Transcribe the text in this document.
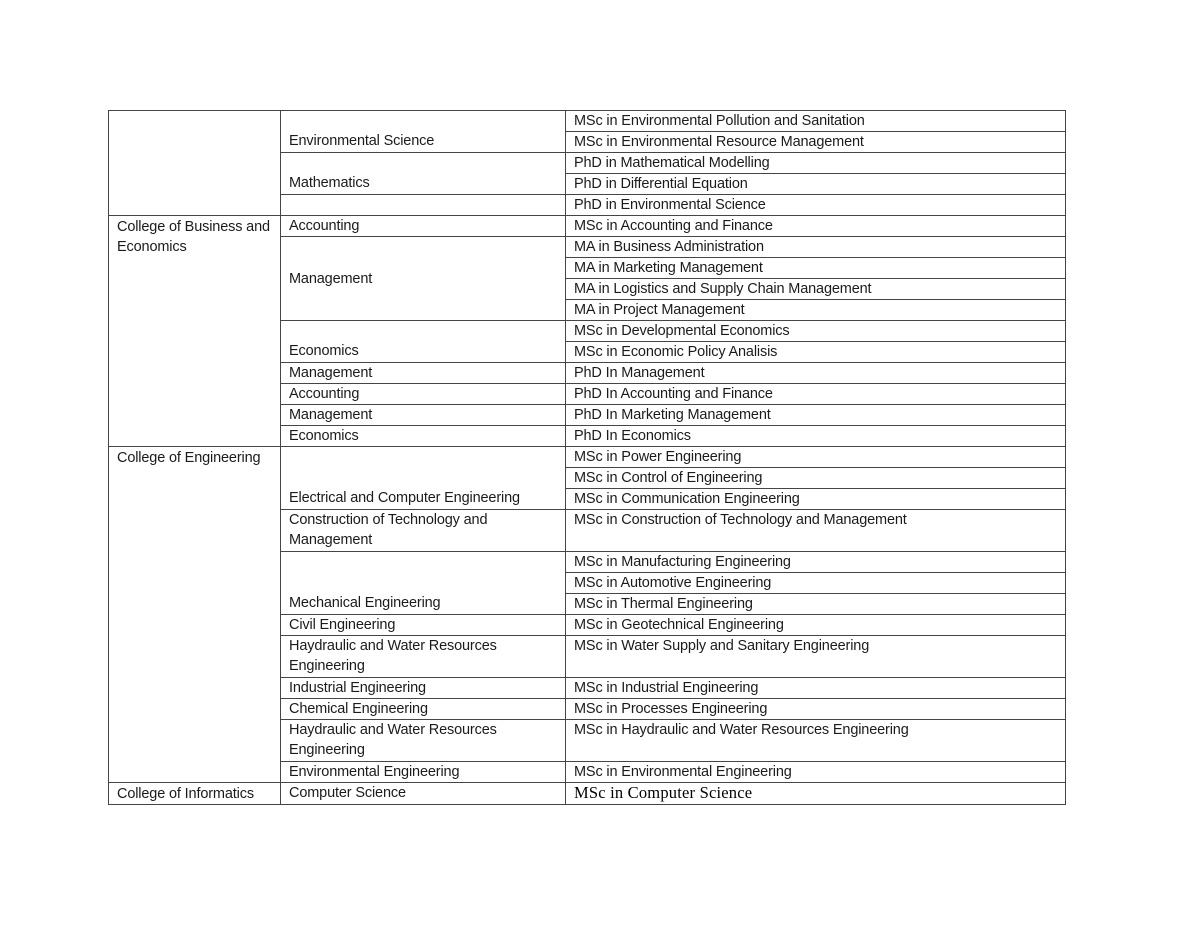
	Environmental Science	MSc in Environmental Pollution and Sanitation
		MSc in Environmental Resource Management
	Mathematics	PhD in Mathematical Modelling
		PhD in Differential Equation
		PhD in Environmental Science
College of Business and Economics	Accounting	MSc in Accounting and Finance
	Management	MA in Business Administration
		MA in Marketing Management
		MA in Logistics and Supply Chain Management
		MA in Project Management
	Economics	MSc in Developmental Economics
		MSc in Economic Policy Analisis
	Management	PhD In Management
	Accounting	PhD In Accounting and Finance
	Management	PhD In Marketing Management
	Economics	PhD In Economics
College of Engineering	Electrical and Computer Engineering	MSc in Power Engineering
		MSc in Control of Engineering
		MSc in Communication Engineering
	Construction of Technology and Management	MSc in Construction of Technology and Management
	Mechanical Engineering	MSc in Manufacturing Engineering
		MSc in Automotive Engineering
		MSc in Thermal Engineering
	Civil Engineering	MSc in Geotechnical Engineering
	Haydraulic and Water Resources Engineering	MSc in Water Supply and Sanitary Engineering
	Industrial Engineering	MSc in Industrial Engineering
	Chemical Engineering	MSc in Processes Engineering
	Haydraulic and Water Resources Engineering	MSc in Haydraulic and Water Resources Engineering
	Environmental Engineering	MSc in Environmental Engineering
College of Informatics	Computer Science	MSc in Computer Science
